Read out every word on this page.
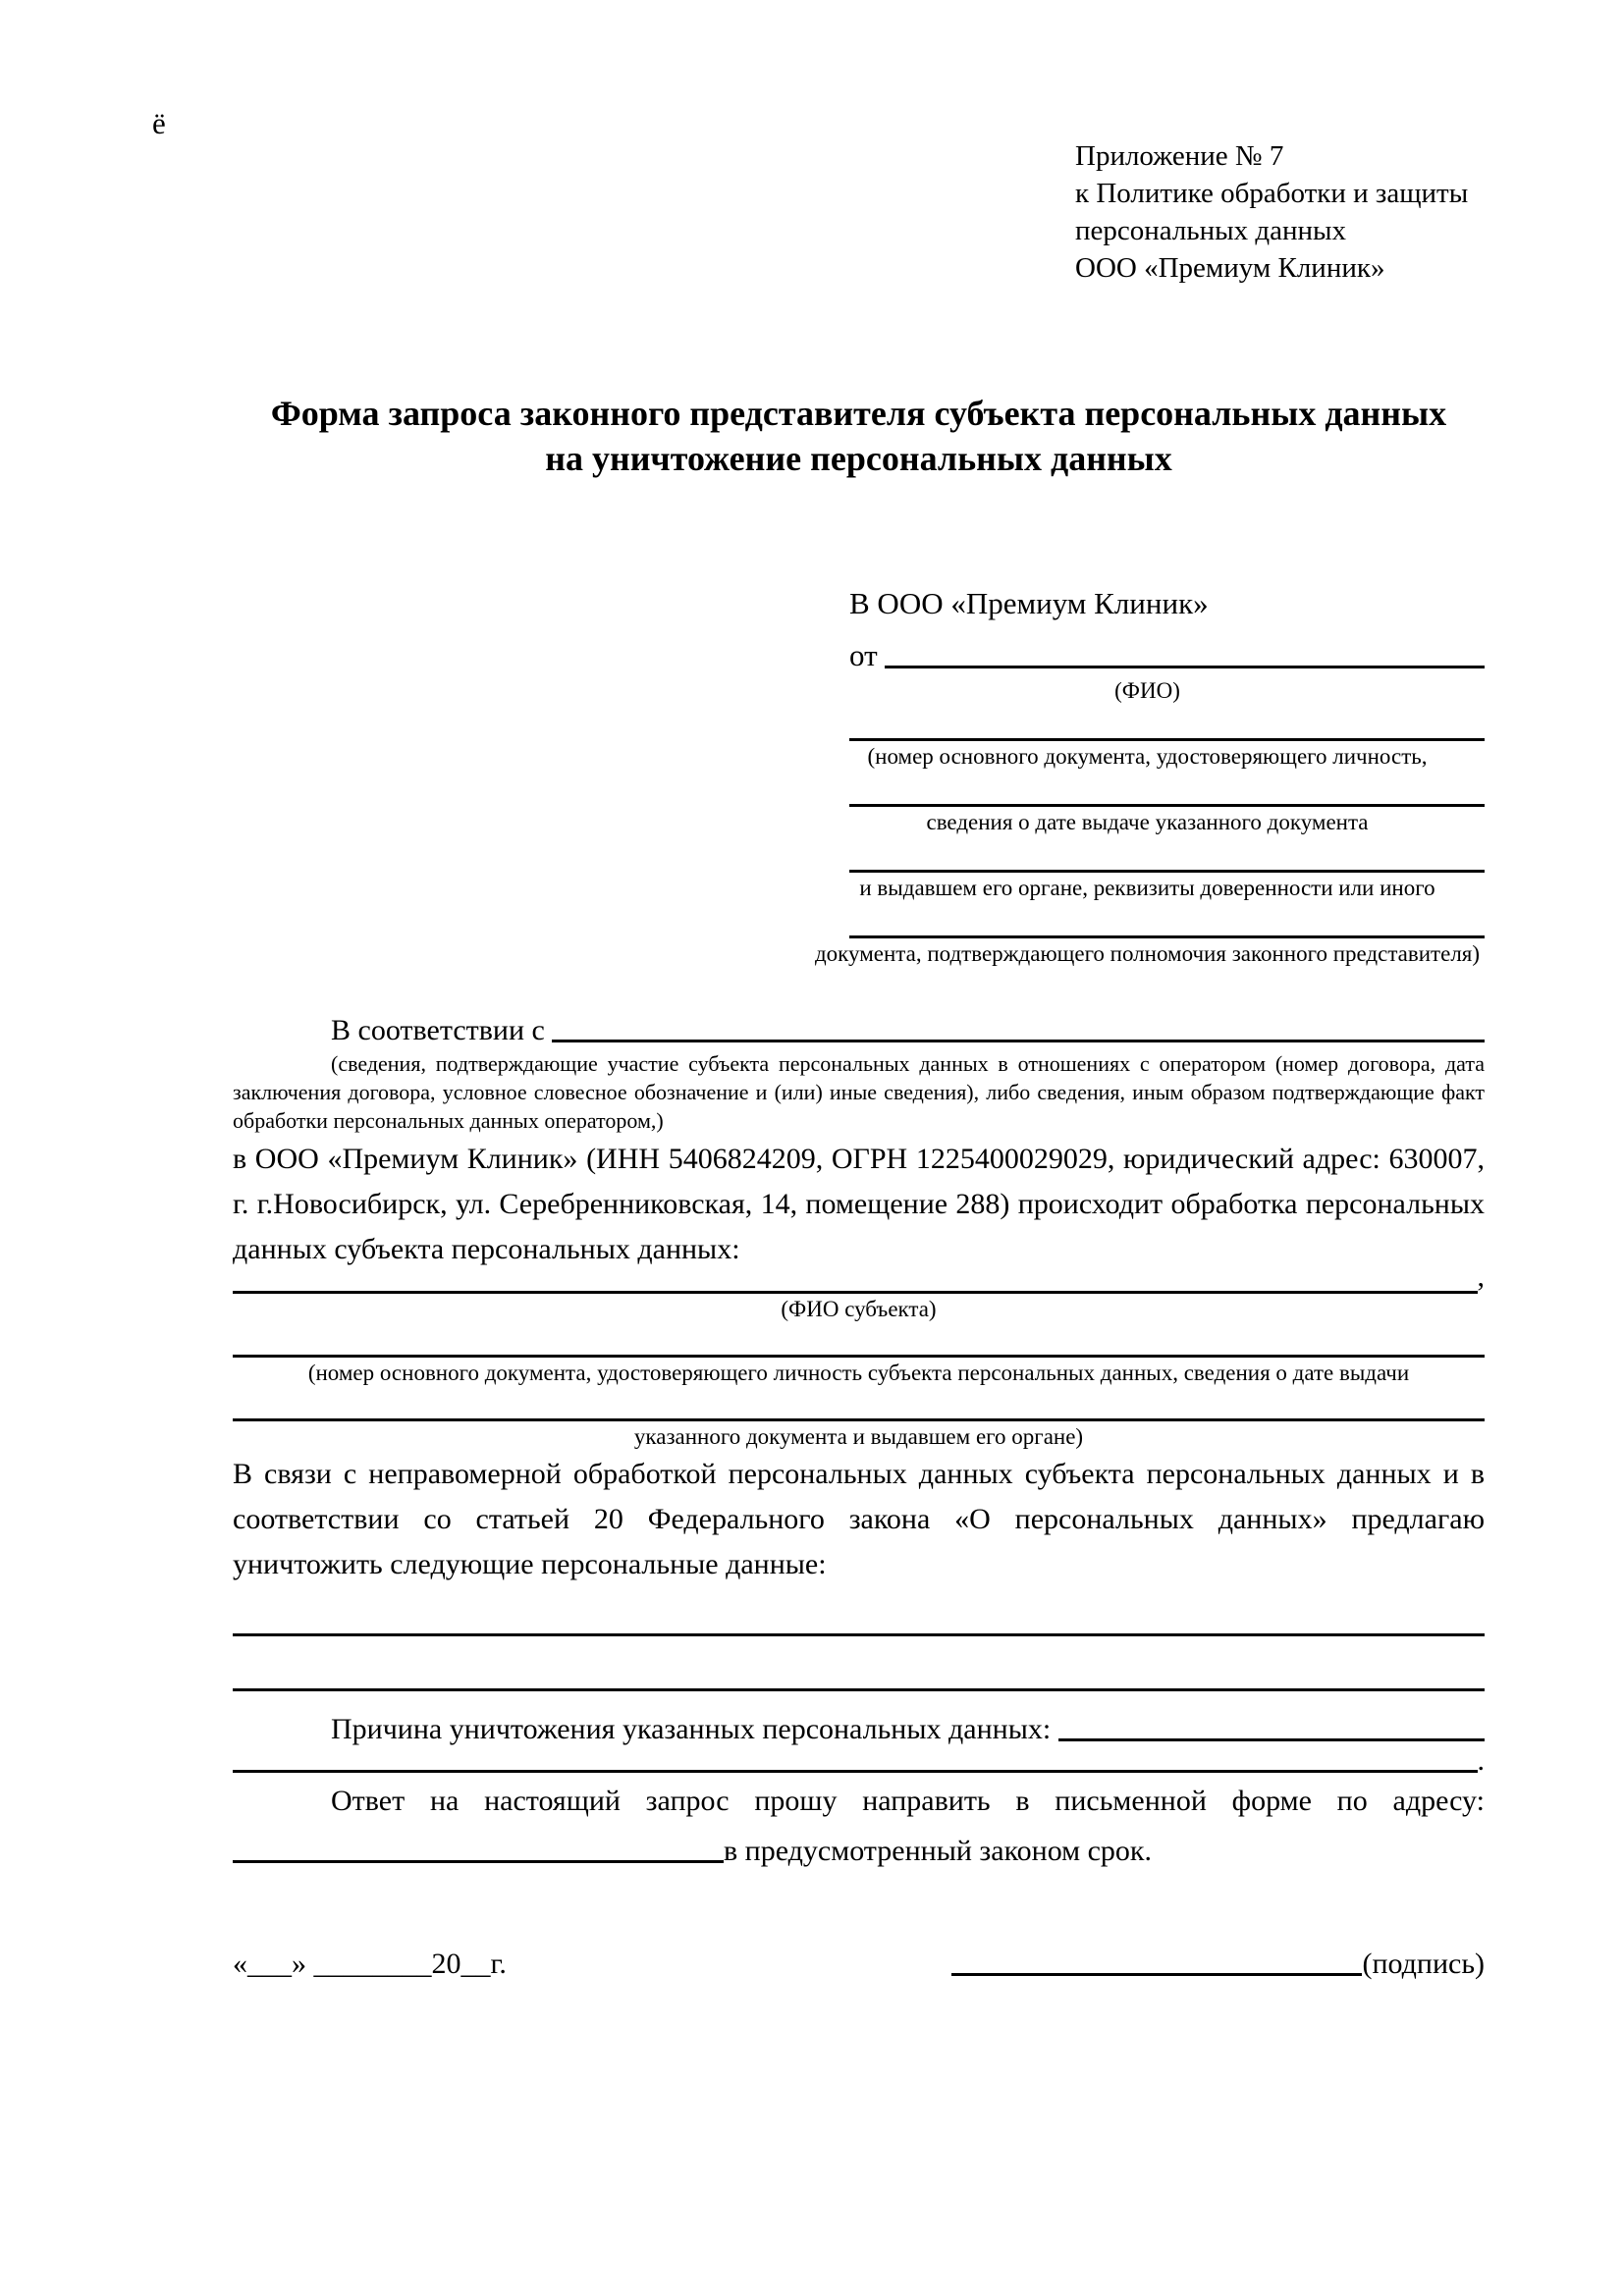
ё
Приложение № 7
к Политике обработки и защиты
персональных данных
ООО «Премиум Клиник»
Форма запроса законного представителя субъекта персональных данных
на уничтожение персональных данных
В ООО «Премиум Клиник»
от
(ФИО)
(номер основного документа, удостоверяющего личность,
сведения о дате выдаче указанного документа
и выдавшем его органе, реквизиты доверенности или иного
документа, подтверждающего полномочия законного представителя)
В соответствии с
(сведения, подтверждающие участие субъекта персональных данных в отношениях с оператором (номер договора, дата заключения договора, условное словесное обозначение и (или) иные сведения), либо сведения, иным образом подтверждающие факт обработки персональных данных оператором,)
в ООО «Премиум Клиник» (ИНН 5406824209, ОГРН 1225400029029, юридический адрес: 630007, г. г.Новосибирск, ул. Серебренниковская, 14, помещение 288) происходит обработка персональных данных субъекта персональных данных:
,
(ФИО субъекта)
(номер основного документа, удостоверяющего личность субъекта персональных данных, сведения о дате выдачи
указанного документа и выдавшем его органе)
В связи с неправомерной обработкой персональных данных субъекта персональных данных и в соответствии со статьей 20 Федерального закона «О персональных данных» предлагаю уничтожить следующие персональные данные:
Причина уничтожения указанных персональных данных:
.
Ответ на настоящий запрос прошу направить в письменной форме по адресу:
в предусмотренный законом срок.
«___» ________20__г.	(подпись)
